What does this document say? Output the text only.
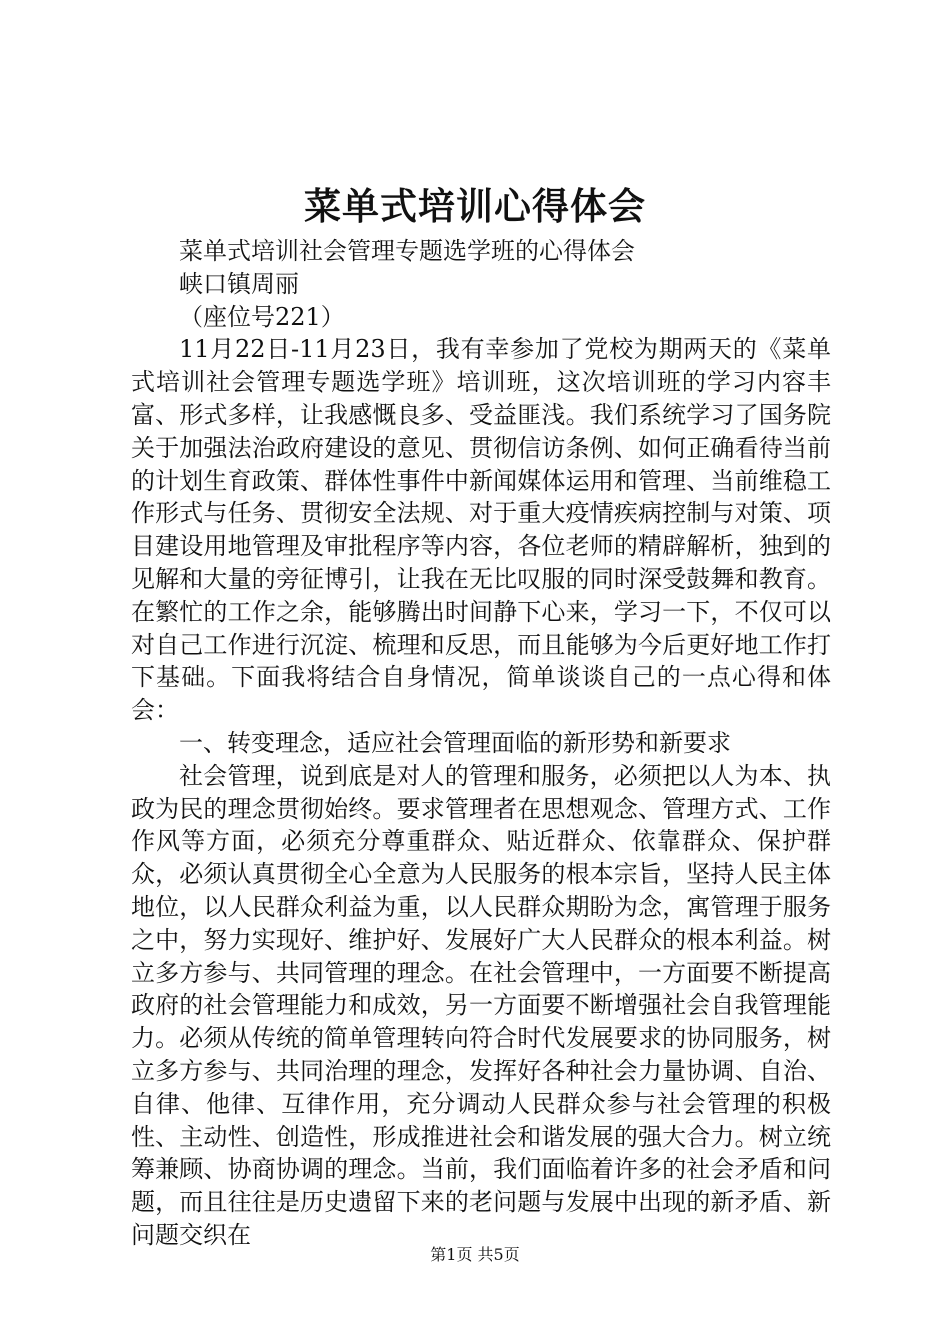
菜单式培训心得体会

菜单式培训社会管理专题选学班的心得体会

峡口镇周丽

（座位号221）

11月22日-11月23日，我有幸参加了党校为期两天的《菜单式培训社会管理专题选学班》培训班，这次培训班的学习内容丰富、形式多样，让我感慨良多、受益匪浅。我们系统学习了国务院关于加强法治政府建设的意见、贯彻信访条例、如何正确看待当前的计划生育政策、群体性事件中新闻媒体运用和管理、当前维稳工作形式与任务、贯彻安全法规、对于重大疫情疾病控制与对策、项目建设用地管理及审批程序等内容，各位老师的精辟解析，独到的见解和大量的旁征博引，让我在无比叹服的同时深受鼓舞和教育。在繁忙的工作之余，能够腾出时间静下心来，学习一下，不仅可以对自己工作进行沉淀、梳理和反思，而且能够为今后更好地工作打下基础。下面我将结合自身情况，简单谈谈自己的一点心得和体会：

一、转变理念，适应社会管理面临的新形势和新要求

社会管理，说到底是对人的管理和服务，必须把以人为本、执政为民的理念贯彻始终。要求管理者在思想观念、管理方式、工作作风等方面，必须充分尊重群众、贴近群众、依靠群众、保护群众，必须认真贯彻全心全意为人民服务的根本宗旨，坚持人民主体地位，以人民群众利益为重，以人民群众期盼为念，寓管理于服务之中，努力实现好、维护好、发展好广大人民群众的根本利益。树立多方参与、共同管理的理念。在社会管理中，一方面要不断提高政府的社会管理能力和成效，另一方面要不断增强社会自我管理能力。必须从传统的简单管理转向符合时代发展要求的协同服务，树立多方参与、共同治理的理念，发挥好各种社会力量协调、自治、自律、他律、互律作用，充分调动人民群众参与社会管理的积极性、主动性、创造性，形成推进社会和谐发展的强大合力。树立统筹兼顾、协商协调的理念。当前，我们面临着许多的社会矛盾和问题，而且往往是历史遗留下来的老问题与发展中出现的新矛盾、新问题交织在

第1页 共5页
